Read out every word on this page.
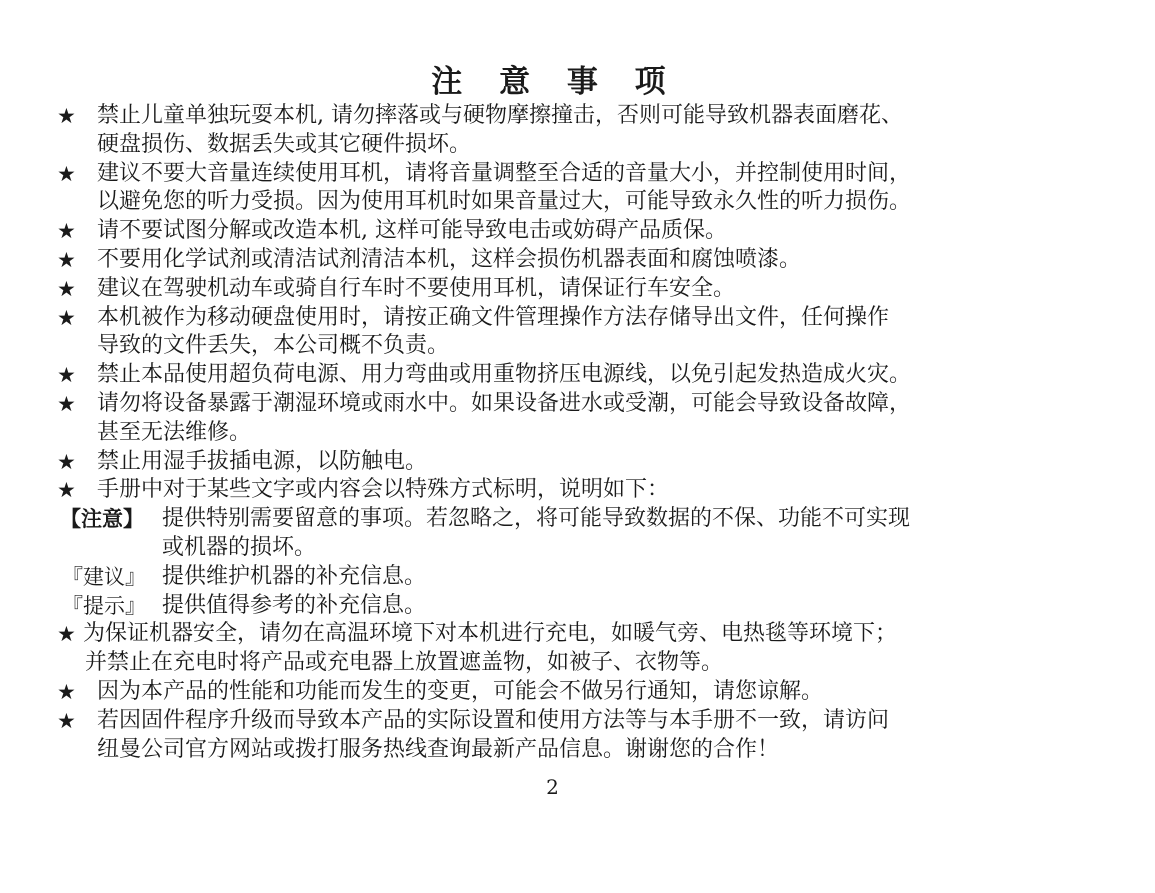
注 意 事 项
★ 禁止儿童单独玩耍本机, 请勿摔落或与硬物摩擦撞击，否则可能导致机器表面磨花、
硬盘损伤、数据丢失或其它硬件损坏。
★ 建议不要大音量连续使用耳机，请将音量调整至合适的音量大小，并控制使用时间，
以避免您的听力受损。因为使用耳机时如果音量过大，可能导致永久性的听力损伤。
★ 请不要试图分解或改造本机, 这样可能导致电击或妨碍产品质保。
★ 不要用化学试剂或清洁试剂清洁本机，这样会损伤机器表面和腐蚀喷漆。
★ 建议在驾驶机动车或骑自行车时不要使用耳机，请保证行车安全。
★ 本机被作为移动硬盘使用时，请按正确文件管理操作方法存储导出文件，任何操作
导致的文件丢失，本公司概不负责。
★ 禁止本品使用超负荷电源、用力弯曲或用重物挤压电源线，以免引起发热造成火灾。
★ 请勿将设备暴露于潮湿环境或雨水中。如果设备进水或受潮，可能会导致设备故障，
甚至无法维修。
★ 禁止用湿手拔插电源，以防触电。
★ 手册中对于某些文字或内容会以特殊方式标明，说明如下：
【注意】 提供特别需要留意的事项。若忽略之，将可能导致数据的不保、功能不可实现
或机器的损坏。
『建议』 提供维护机器的补充信息。
『提示』 提供值得参考的补充信息。
★ 为保证机器安全，请勿在高温环境下对本机进行充电，如暖气旁、电热毯等环境下；
并禁止在充电时将产品或充电器上放置遮盖物，如被子、衣物等。
★ 因为本产品的性能和功能而发生的变更，可能会不做另行通知，请您谅解。
★ 若因固件程序升级而导致本产品的实际设置和使用方法等与本手册不一致，请访问
纽曼公司官方网站或拨打服务热线查询最新产品信息。谢谢您的合作！
2
